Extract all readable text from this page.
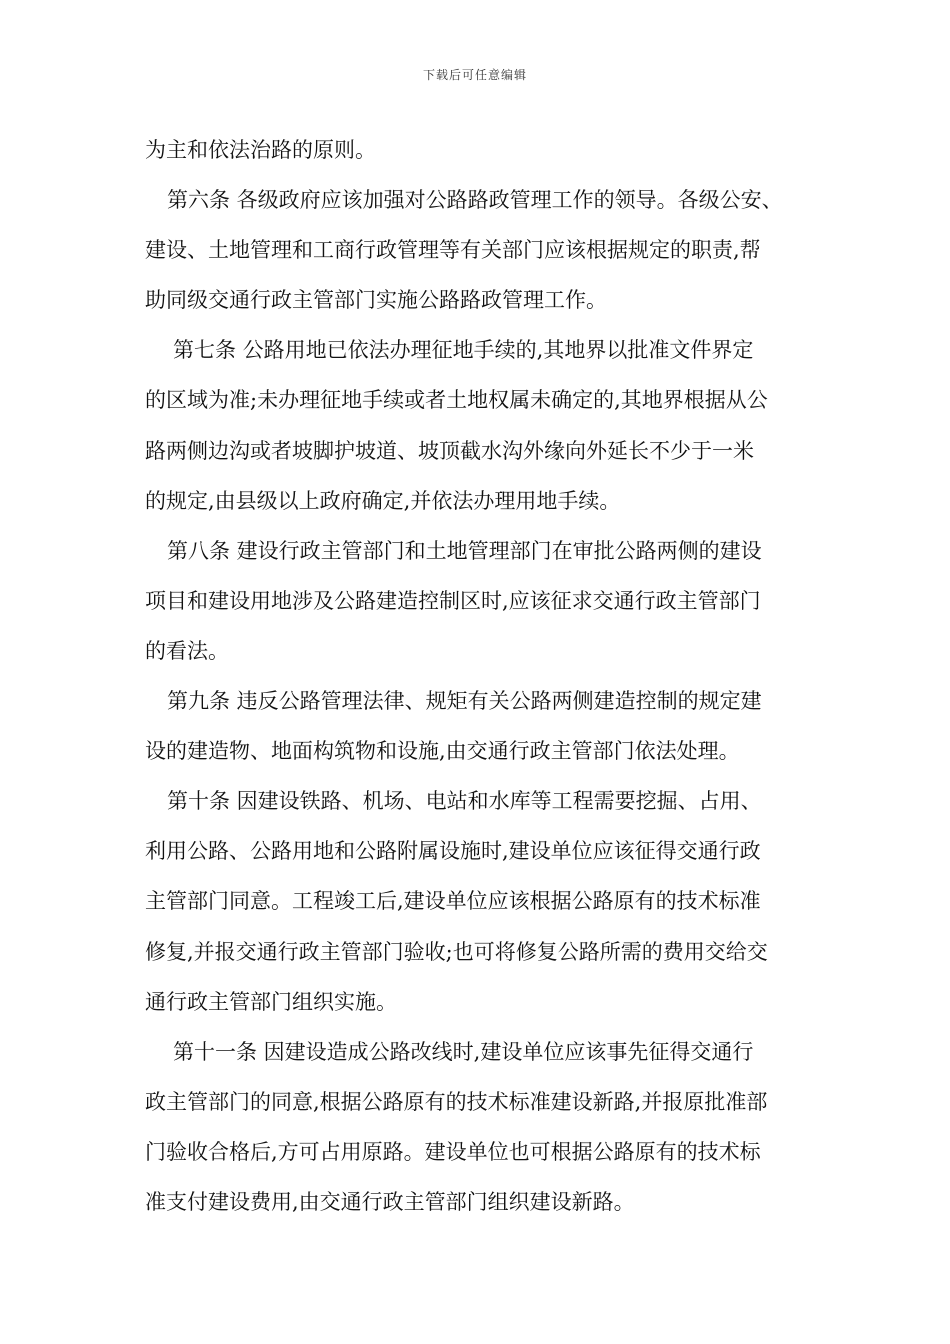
下载后可任意编辑
为主和依法治路的原则。
第六条 各级政府应该加强对公路路政管理工作的领导。各级公安、
建设、土地管理和工商行政管理等有关部门应该根据规定的职责,帮
助同级交通行政主管部门实施公路路政管理工作。
第七条 公路用地已依法办理征地手续的,其地界以批准文件界定
的区域为准;未办理征地手续或者土地权属未确定的,其地界根据从公
路两侧边沟或者坡脚护坡道、坡顶截水沟外缘向外延长不少于一米
的规定,由县级以上政府确定,并依法办理用地手续。
第八条 建设行政主管部门和土地管理部门在审批公路两侧的建设
项目和建设用地涉及公路建造控制区时,应该征求交通行政主管部门
的看法。
第九条 违反公路管理法律、规矩有关公路两侧建造控制的规定建
设的建造物、地面构筑物和设施,由交通行政主管部门依法处理。
第十条 因建设铁路、机场、电站和水库等工程需要挖掘、占用、
利用公路、公路用地和公路附属设施时,建设单位应该征得交通行政
主管部门同意。工程竣工后,建设单位应该根据公路原有的技术标准
修复,并报交通行政主管部门验收;也可将修复公路所需的费用交给交
通行政主管部门组织实施。
第十一条 因建设造成公路改线时,建设单位应该事先征得交通行
政主管部门的同意,根据公路原有的技术标准建设新路,并报原批准部
门验收合格后,方可占用原路。建设单位也可根据公路原有的技术标
准支付建设费用,由交通行政主管部门组织建设新路。
